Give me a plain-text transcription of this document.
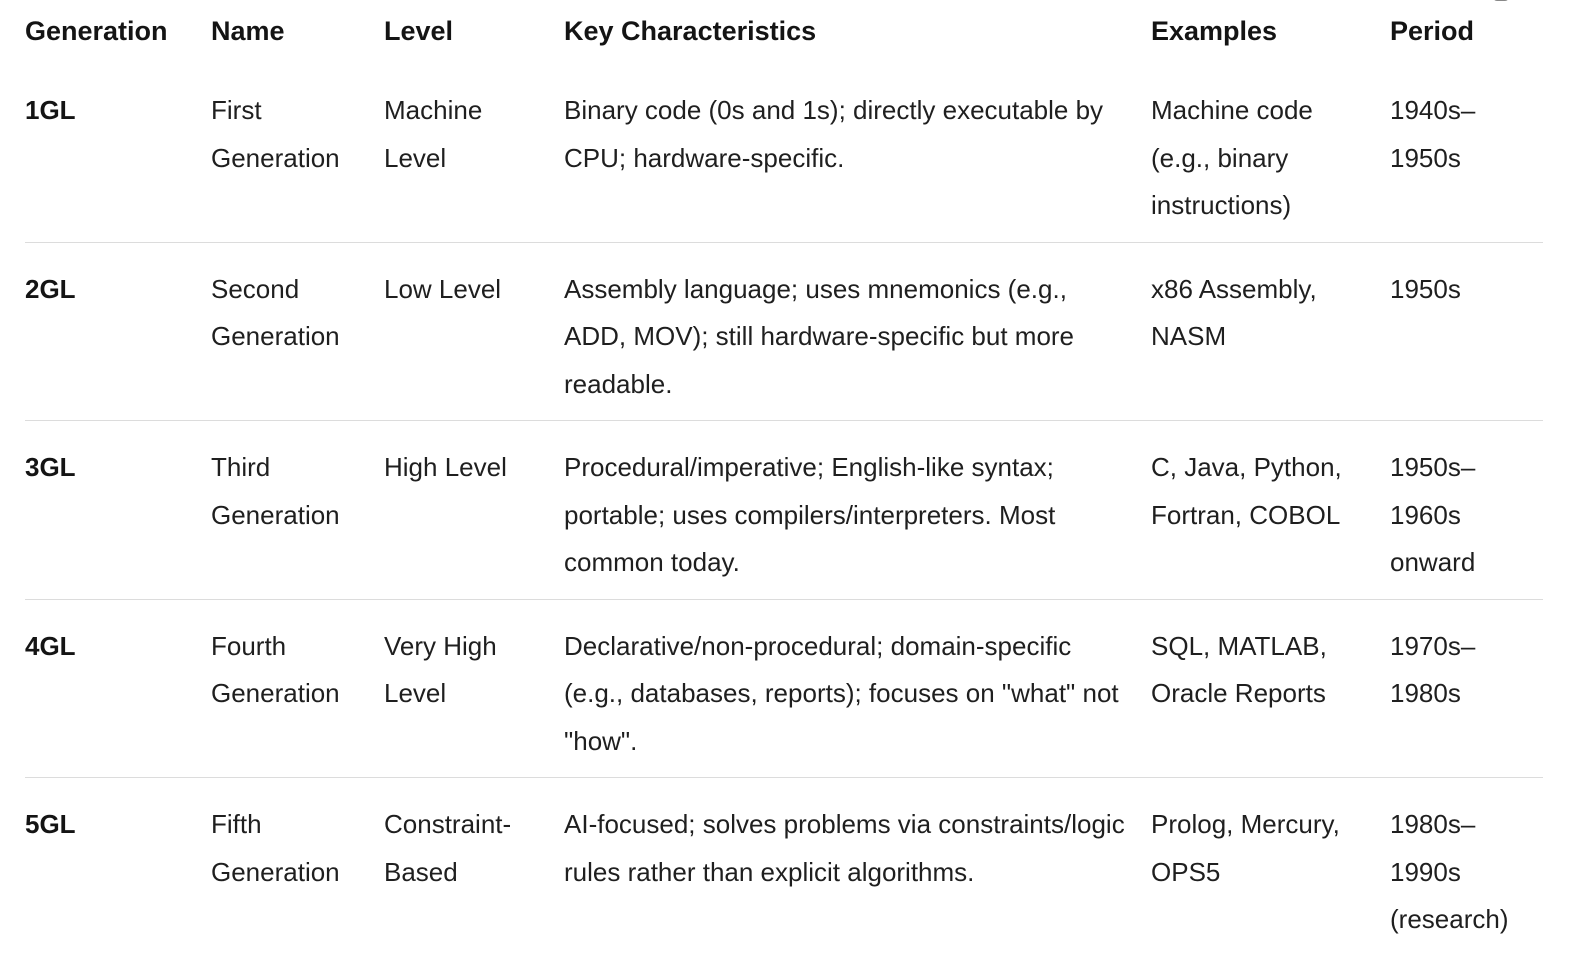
Generation	Name	Level	Key Characteristics	Examples	Period
1GL	First Generation	Machine Level	Binary code (0s and 1s); directly executable by CPU; hardware-specific.	Machine code (e.g., binary instructions)	1940s–1950s
2GL	Second Generation	Low Level	Assembly language; uses mnemonics (e.g., ADD, MOV); still hardware-specific but more readable.	x86 Assembly, NASM	1950s
3GL	Third Generation	High Level	Procedural/imperative; English-like syntax; portable; uses compilers/interpreters. Most common today.	C, Java, Python, Fortran, COBOL	1950s–1960s onward
4GL	Fourth Generation	Very High Level	Declarative/non-procedural; domain-specific (e.g., databases, reports); focuses on "what" not "how".	SQL, MATLAB, Oracle Reports	1970s–1980s
5GL	Fifth Generation	Constraint-Based	AI-focused; solves problems via constraints/logic rules rather than explicit algorithms.	Prolog, Mercury, OPS5	1980s–1990s (research)
